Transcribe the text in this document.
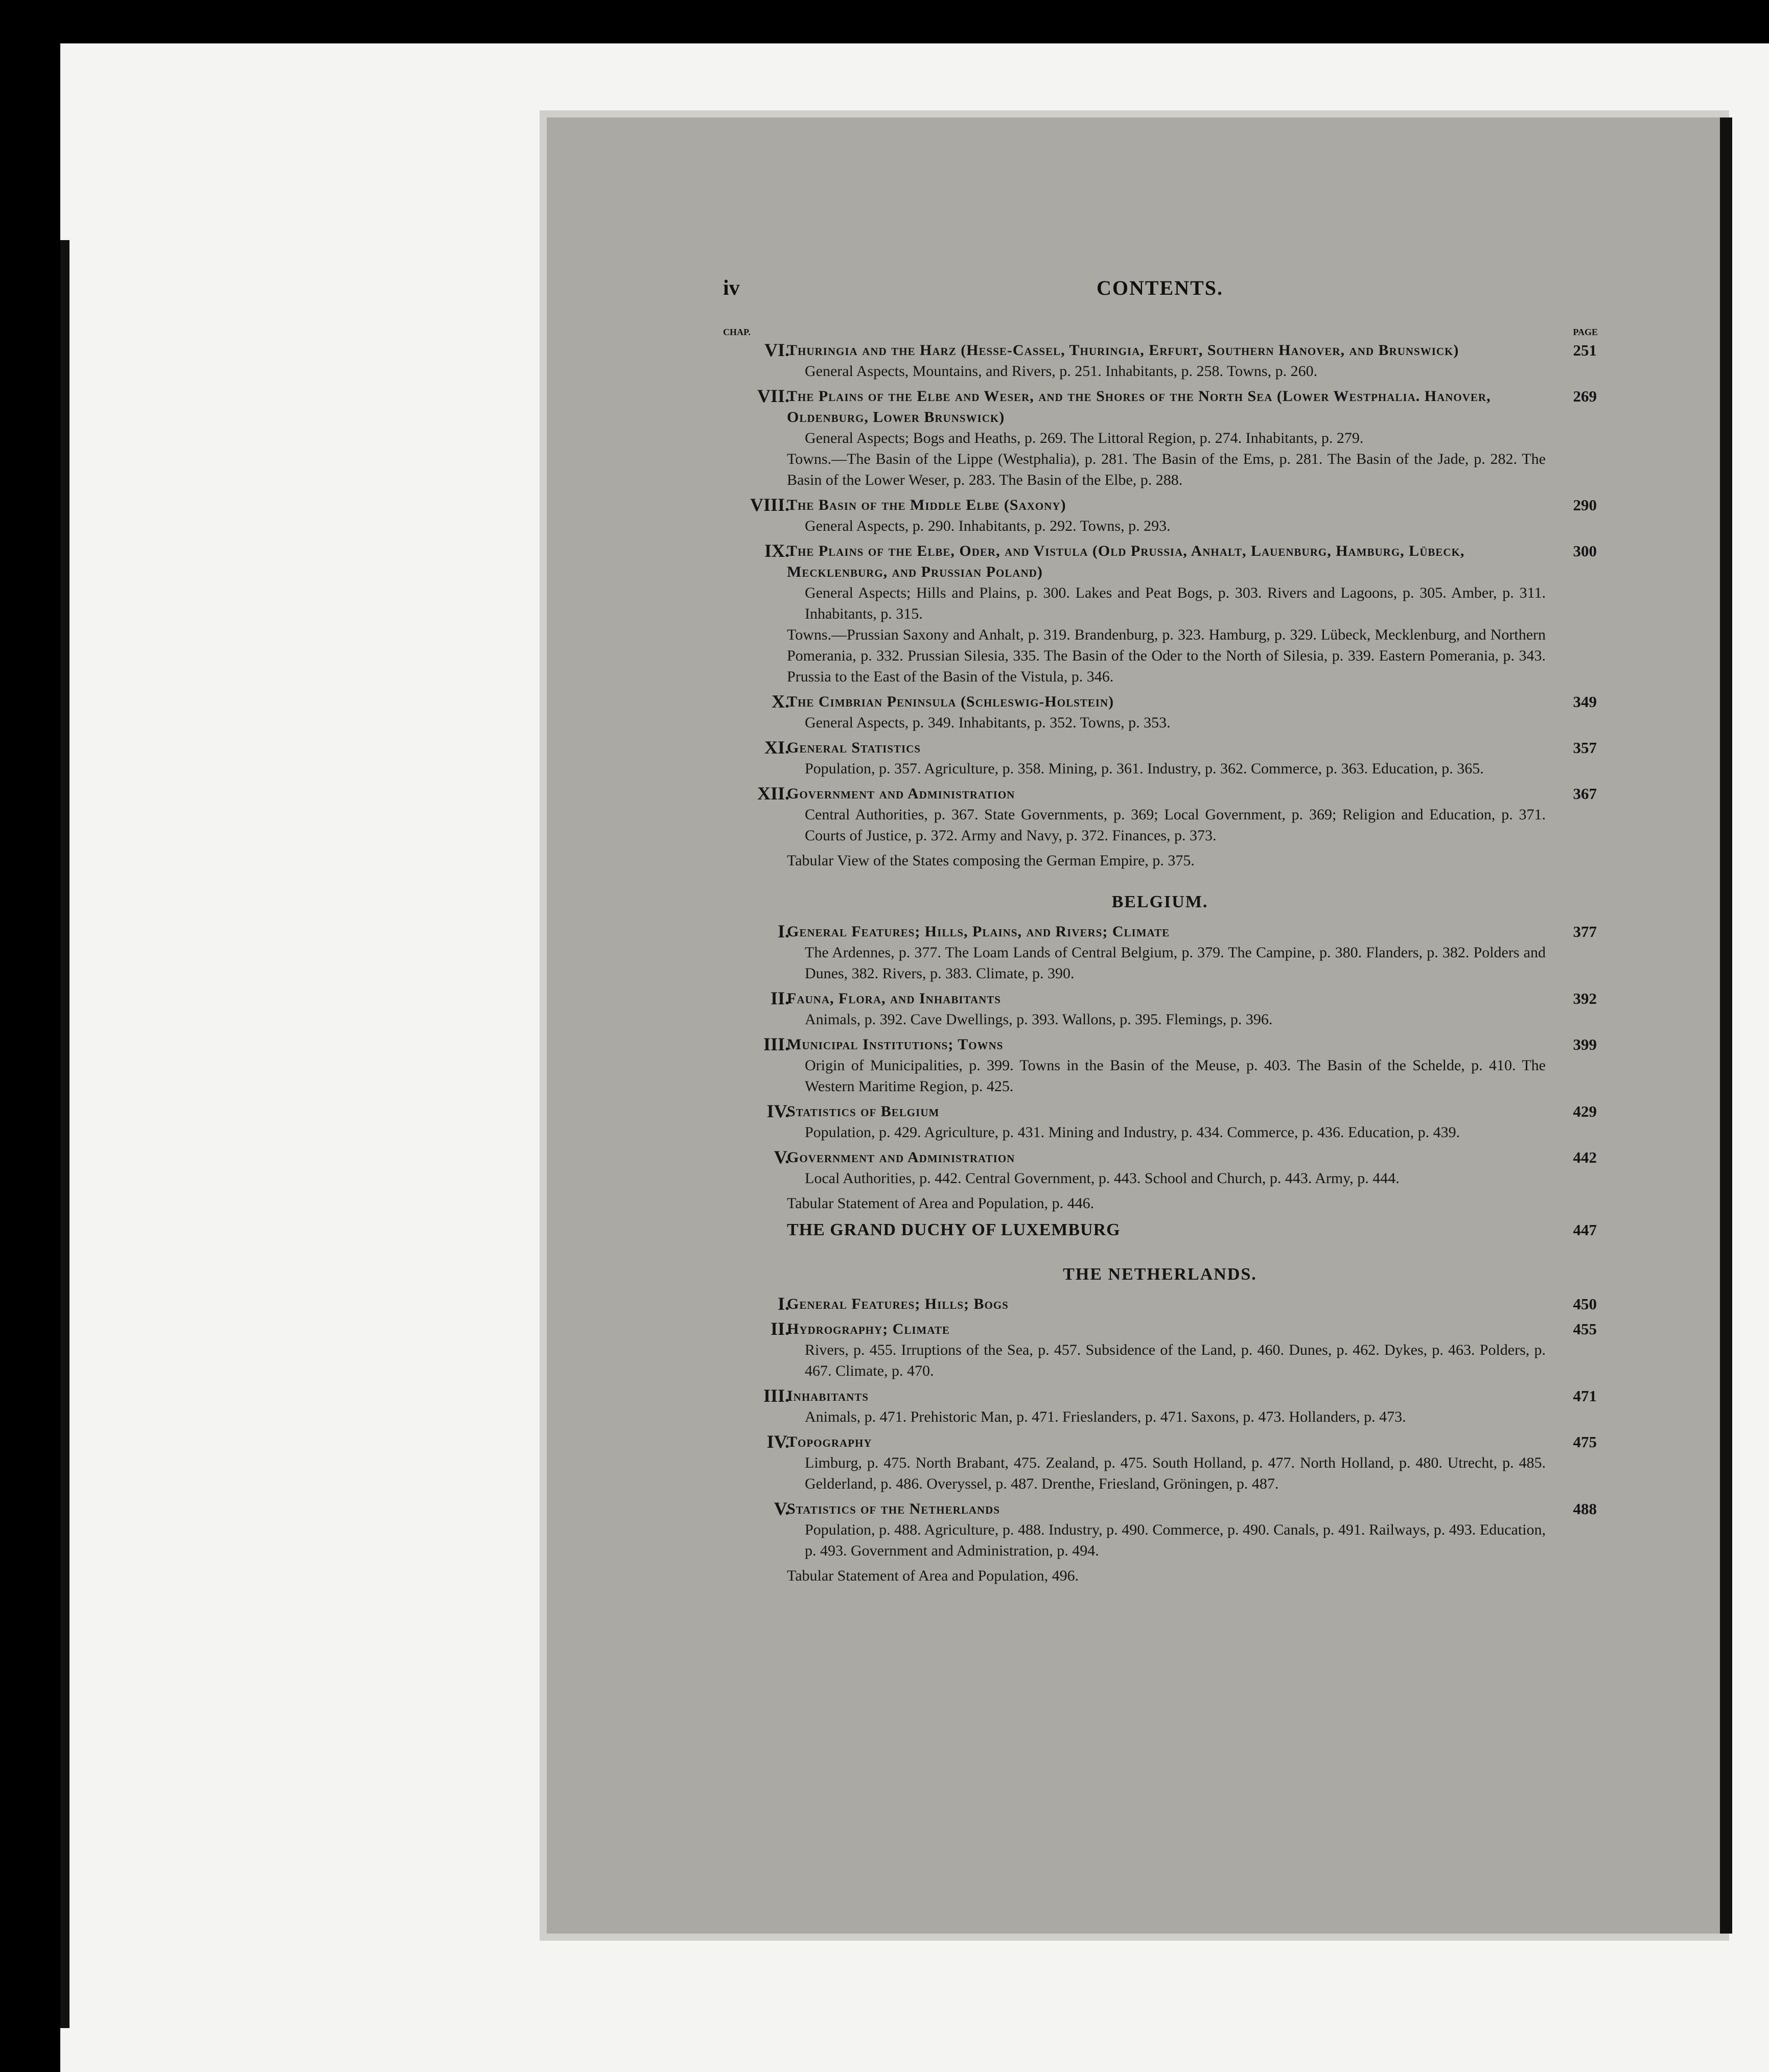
iv	CONTENTS.
CHAP.	PAGE
VI.
Thuringia and the Harz (Hesse-Cassel, Thuringia, Erfurt, Southern Hanover, and Brunswick)	251
General Aspects, Mountains, and Rivers, p. 251. Inhabitants, p. 258. Towns, p. 260.
VII.
The Plains of the Elbe and Weser, and the Shores of the North Sea (Lower Westphalia. Hanover, Oldenburg, Lower Brunswick)
269
General Aspects; Bogs and Heaths, p. 269. The Littoral Region, p. 274. Inhabitants, p. 279.
Towns.—The Basin of the Lippe (Westphalia), p. 281. The Basin of the Ems, p. 281. The Basin of the Jade, p. 282. The Basin of the Lower Weser, p. 283. The Basin of the Elbe, p. 288.
VIII.
The Basin of the Middle Elbe (Saxony)	290
General Aspects, p. 290. Inhabitants, p. 292. Towns, p. 293.
IX.
The Plains of the Elbe, Oder, and Vistula (Old Prussia, Anhalt, Lauenburg, Hamburg, Lübeck, Mecklenburg, and Prussian Poland)
300
General Aspects; Hills and Plains, p. 300. Lakes and Peat Bogs, p. 303. Rivers and Lagoons, p. 305. Amber, p. 311. Inhabitants, p. 315.
Towns.—Prussian Saxony and Anhalt, p. 319. Brandenburg, p. 323. Hamburg, p. 329. Lübeck, Mecklenburg, and Northern Pomerania, p. 332. Prussian Silesia, 335. The Basin of the Oder to the North of Silesia, p. 339. Eastern Pomerania, p. 343. Prussia to the East of the Basin of the Vistula, p. 346.
X.
The Cimbrian Peninsula (Schleswig-Holstein)	349
General Aspects, p. 349. Inhabitants, p. 352. Towns, p. 353.
XI.
General Statistics	357
Population, p. 357. Agriculture, p. 358. Mining, p. 361. Industry, p. 362. Commerce, p. 363. Education, p. 365.
XII.
Government and Administration	367
Central Authorities, p. 367. State Governments, p. 369; Local Government, p. 369; Religion and Education, p. 371. Courts of Justice, p. 372. Army and Navy, p. 372. Finances, p. 373.
Tabular View of the States composing the German Empire, p. 375.
BELGIUM.
I.
General Features; Hills, Plains, and Rivers; Climate	377
The Ardennes, p. 377. The Loam Lands of Central Belgium, p. 379. The Campine, p. 380. Flanders, p. 382. Polders and Dunes, 382. Rivers, p. 383. Climate, p. 390.
II.
Fauna, Flora, and Inhabitants	392
Animals, p. 392. Cave Dwellings, p. 393. Wallons, p. 395. Flemings, p. 396.
III.
Municipal Institutions; Towns	399
Origin of Municipalities, p. 399. Towns in the Basin of the Meuse, p. 403. The Basin of the Schelde, p. 410. The Western Maritime Region, p. 425.
IV.
Statistics of Belgium	429
Population, p. 429. Agriculture, p. 431. Mining and Industry, p. 434. Commerce, p. 436. Education, p. 439.
V.
Government and Administration	442
Local Authorities, p. 442. Central Government, p. 443. School and Church, p. 443. Army, p. 444.
Tabular Statement of Area and Population, p. 446.
THE GRAND DUCHY OF LUXEMBURG	447
THE NETHERLANDS.
I.
General Features; Hills; Bogs	450
II.
Hydrography; Climate	455
Rivers, p. 455. Irruptions of the Sea, p. 457. Subsidence of the Land, p. 460. Dunes, p. 462. Dykes, p. 463. Polders, p. 467. Climate, p. 470.
III.
Inhabitants	471
Animals, p. 471. Prehistoric Man, p. 471. Frieslanders, p. 471. Saxons, p. 473. Hollanders, p. 473.
IV.
Topography	475
Limburg, p. 475. North Brabant, 475. Zealand, p. 475. South Holland, p. 477. North Holland, p. 480. Utrecht, p. 485. Gelderland, p. 486. Overyssel, p. 487. Drenthe, Friesland, Gröningen, p. 487.
V.
Statistics of the Netherlands	488
Population, p. 488. Agriculture, p. 488. Industry, p. 490. Commerce, p. 490. Canals, p. 491. Railways, p. 493. Education, p. 493. Government and Administration, p. 494.
Tabular Statement of Area and Population, 496.
